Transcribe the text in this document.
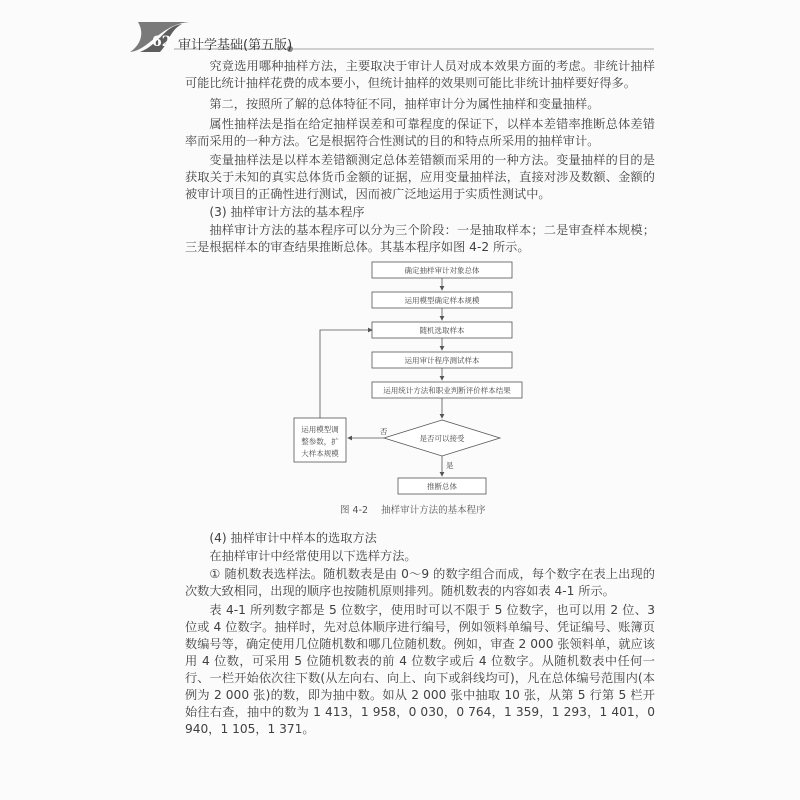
62 审计学基础(第五版)

究竟选用哪种抽样方法，主要取决于审计人员对成本效果方面的考虑。非统计抽样可能比统计抽样花费的成本要小，但统计抽样的效果则可能比非统计抽样要好得多。

第二，按照所了解的总体特征不同，抽样审计分为属性抽样和变量抽样。

属性抽样法是指在给定抽样误差和可靠程度的保证下，以样本差错率推断总体差错率而采用的一种方法。它是根据符合性测试的目的和特点所采用的抽样审计。

变量抽样法是以样本差错额测定总体差错额而采用的一种方法。变量抽样的目的是获取关于未知的真实总体货币金额的证据，应用变量抽样法，直接对涉及数额、金额的被审计项目的正确性进行测试，因而被广泛地运用于实质性测试中。

(3) 抽样审计方法的基本程序

抽样审计方法的基本程序可以分为三个阶段：一是抽取样本；二是审查样本规模；三是根据样本的审查结果推断总体。其基本程序如图 4-2 所示。

确定抽样审计对象总体
运用模型确定样本规模
随机选取样本
运用审计程序测试样本
运用统计方法和职业判断评价样本结果
是否可以接受
否
运用模型调
整参数，扩
大样本规模
是
推断总体
图 4-2 抽样审计方法的基本程序

(4) 抽样审计中样本的选取方法

在抽样审计中经常使用以下选样方法。

① 随机数表选样法。随机数表是由 0～9 的数字组合而成，每个数字在表上出现的次数大致相同，出现的顺序也按随机原则排列。随机数表的内容如表 4-1 所示。

表 4-1 所列数字都是 5 位数字，使用时可以不限于 5 位数字，也可以用 2 位、3 位或 4 位数字。抽样时，先对总体顺序进行编号，例如领料单编号、凭证编号、账簿页数编号等，确定使用几位随机数和哪几位随机数。例如，审查 2 000 张领料单，就应该用 4 位数，可采用 5 位随机数表的前 4 位数字或后 4 位数字。从随机数表中任何一行、一栏开始依次往下数(从左向右、向上、向下或斜线均可)，凡在总体编号范围内(本例为 2 000 张)的数，即为抽中数。如从 2 000 张中抽取 10 张，从第 5 行第 5 栏开始往右查，抽中的数为 1 413，1 958，0 030，0 764，1 359，1 293，1 401，0 940，1 105，1 371。
